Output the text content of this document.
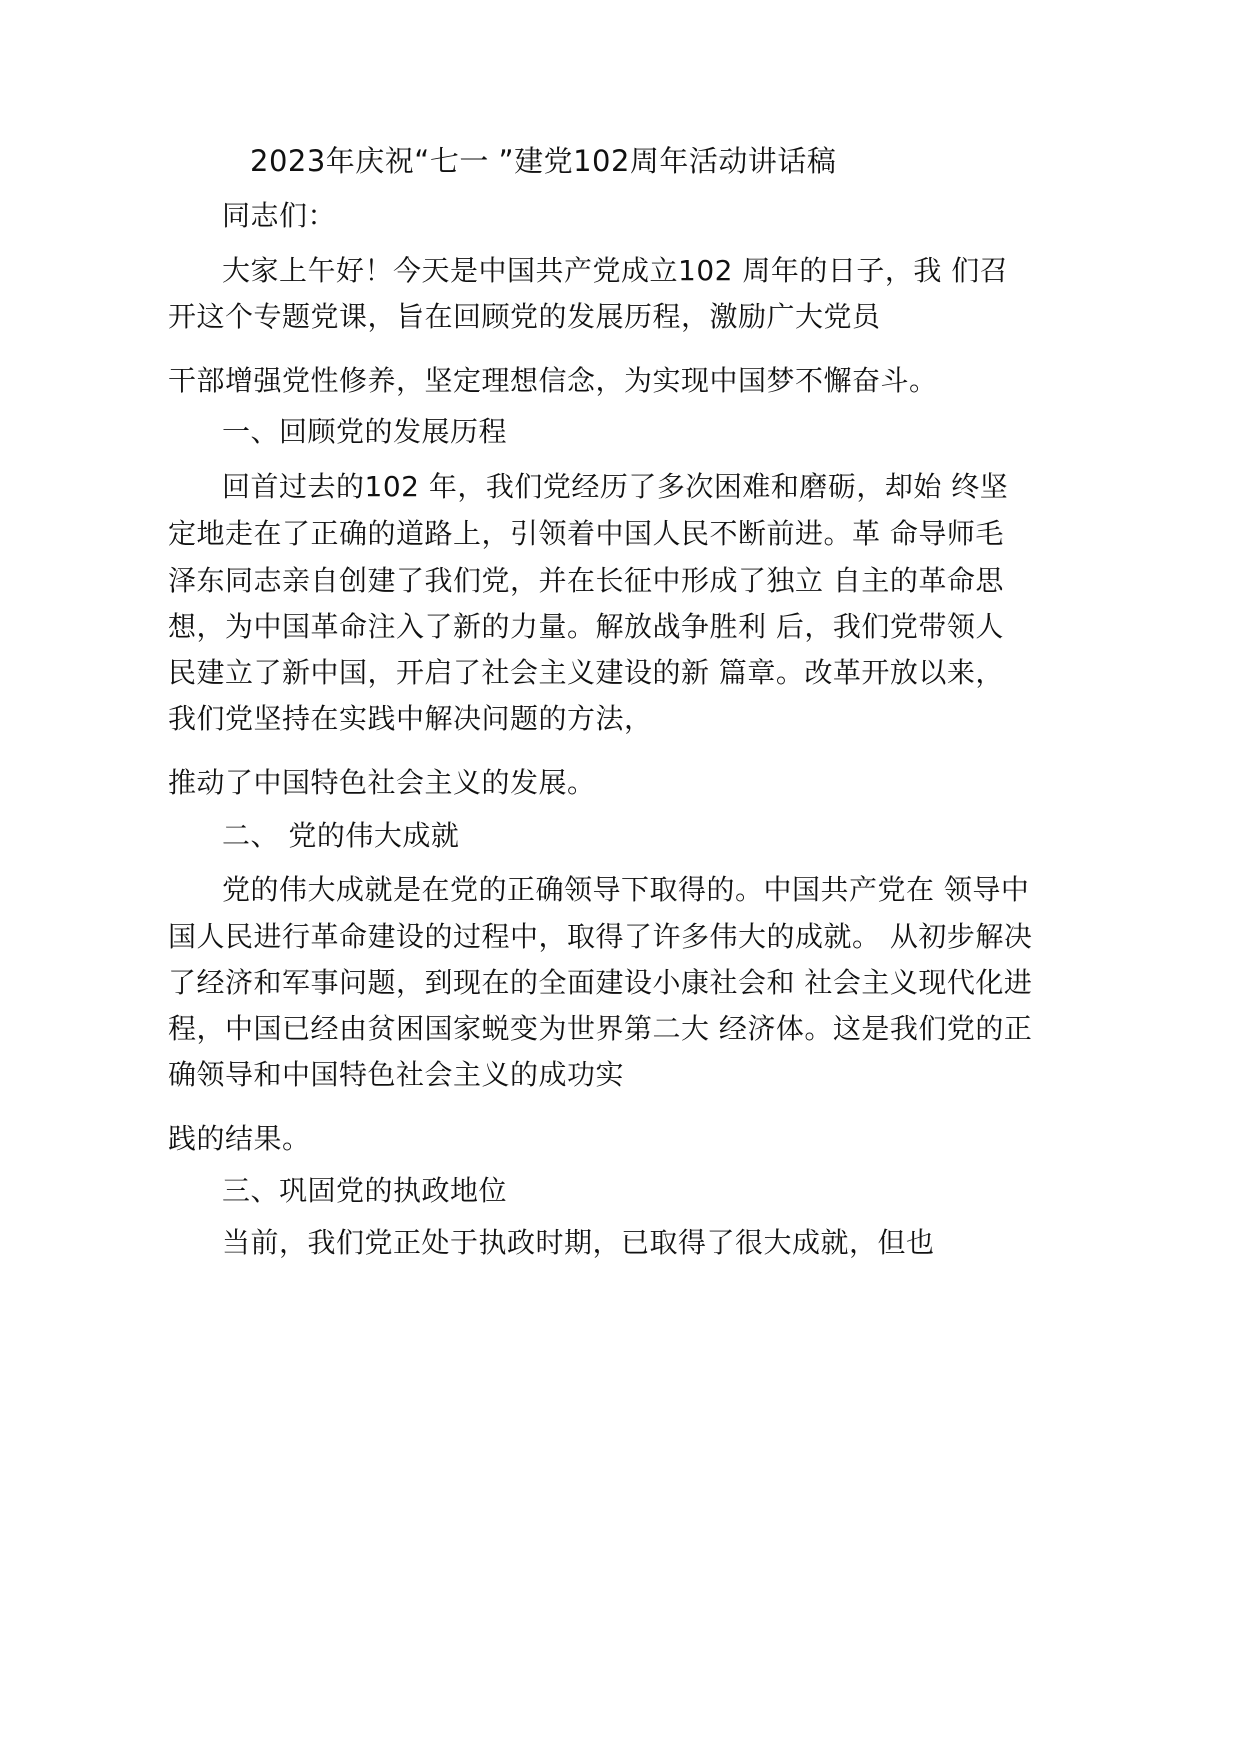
2023年庆祝“七一 ”建党102周年活动讲话稿
同志们：
大家上午好！今天是中国共产党成立102 周年的日子，我 们召
开这个专题党课，旨在回顾党的发展历程，激励广大党员
干部增强党性修养，坚定理想信念，为实现中国梦不懈奋斗。
一、回顾党的发展历程
回首过去的102 年，我们党经历了多次困难和磨砺，却始 终坚
定地走在了正确的道路上，引领着中国人民不断前进。革 命导师毛
泽东同志亲自创建了我们党，并在长征中形成了独立 自主的革命思
想，为中国革命注入了新的力量。解放战争胜利 后，我们党带领人
民建立了新中国，开启了社会主义建设的新 篇章。改革开放以来，
我们党坚持在实践中解决问题的方法，
推动了中国特色社会主义的发展。
二、 党的伟大成就
党的伟大成就是在党的正确领导下取得的。中国共产党在 领导中
国人民进行革命建设的过程中，取得了许多伟大的成就。 从初步解决
了经济和军事问题，到现在的全面建设小康社会和 社会主义现代化进
程，中国已经由贫困国家蜕变为世界第二大 经济体。这是我们党的正
确领导和中国特色社会主义的成功实
践的结果。
三、巩固党的执政地位
当前，我们党正处于执政时期，已取得了很大成就，但也
